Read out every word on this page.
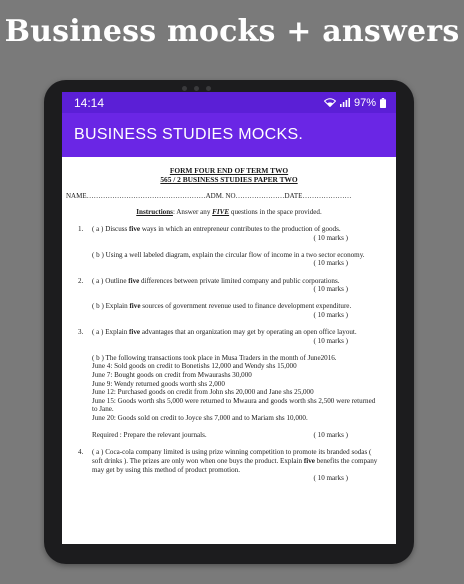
Business mocks + answers
14:14	97%
BUSINESS STUDIES MOCKS.
FORM FOUR END OF TERM TWO
565 / 2 BUSINESS STUDIES PAPER TWO
NAME……………………………………………ADM. NO…………………DATE…………………
Instructions: Answer any FIVE questions in the space provided.
1. ( a ) Discuss five ways in which an entrepreneur contributes to the production of goods.

( 10 marks )

( b ) Using a well labeled diagram, explain the circular flow of income in a two sector economy.

( 10 marks )

2. ( a ) Outline five differences between private limited company and public corporations.

( 10 marks )

( b ) Explain five sources of government revenue used to finance development expenditure.

( 10 marks )

3. ( a ) Explain five advantages that an organization may get by operating an open office layout.

( 10 marks )

( b ) The following transactions took place in Musa Traders in the month of June2016.

June 4: Sold goods on credit to Bonetishs 12,000 and Wendy shs 15,000

June 7: Bought goods on credit from Mwaurashs 30,000

June 9: Wendy returned goods worth shs 2,000

June 12: Purchased goods on credit from John shs 20,000 and Jane shs 25,000

June 15: Goods worth shs 5,000 were returned to Mwaura and goods worth shs 2,500 were returned to Jane.

June 20: Goods sold on credit to Joyce shs 7,000 and to Mariam shs 10,000.

Required : Prepare the relevant journals.	( 10 marks )

4. ( a ) Coca-cola company limited is using prize winning competition to promote its branded sodas ( soft drinks ). The prizes are only won when one buys the product. Explain five benefits the company may get by using this method of product promotion.

( 10 marks )
